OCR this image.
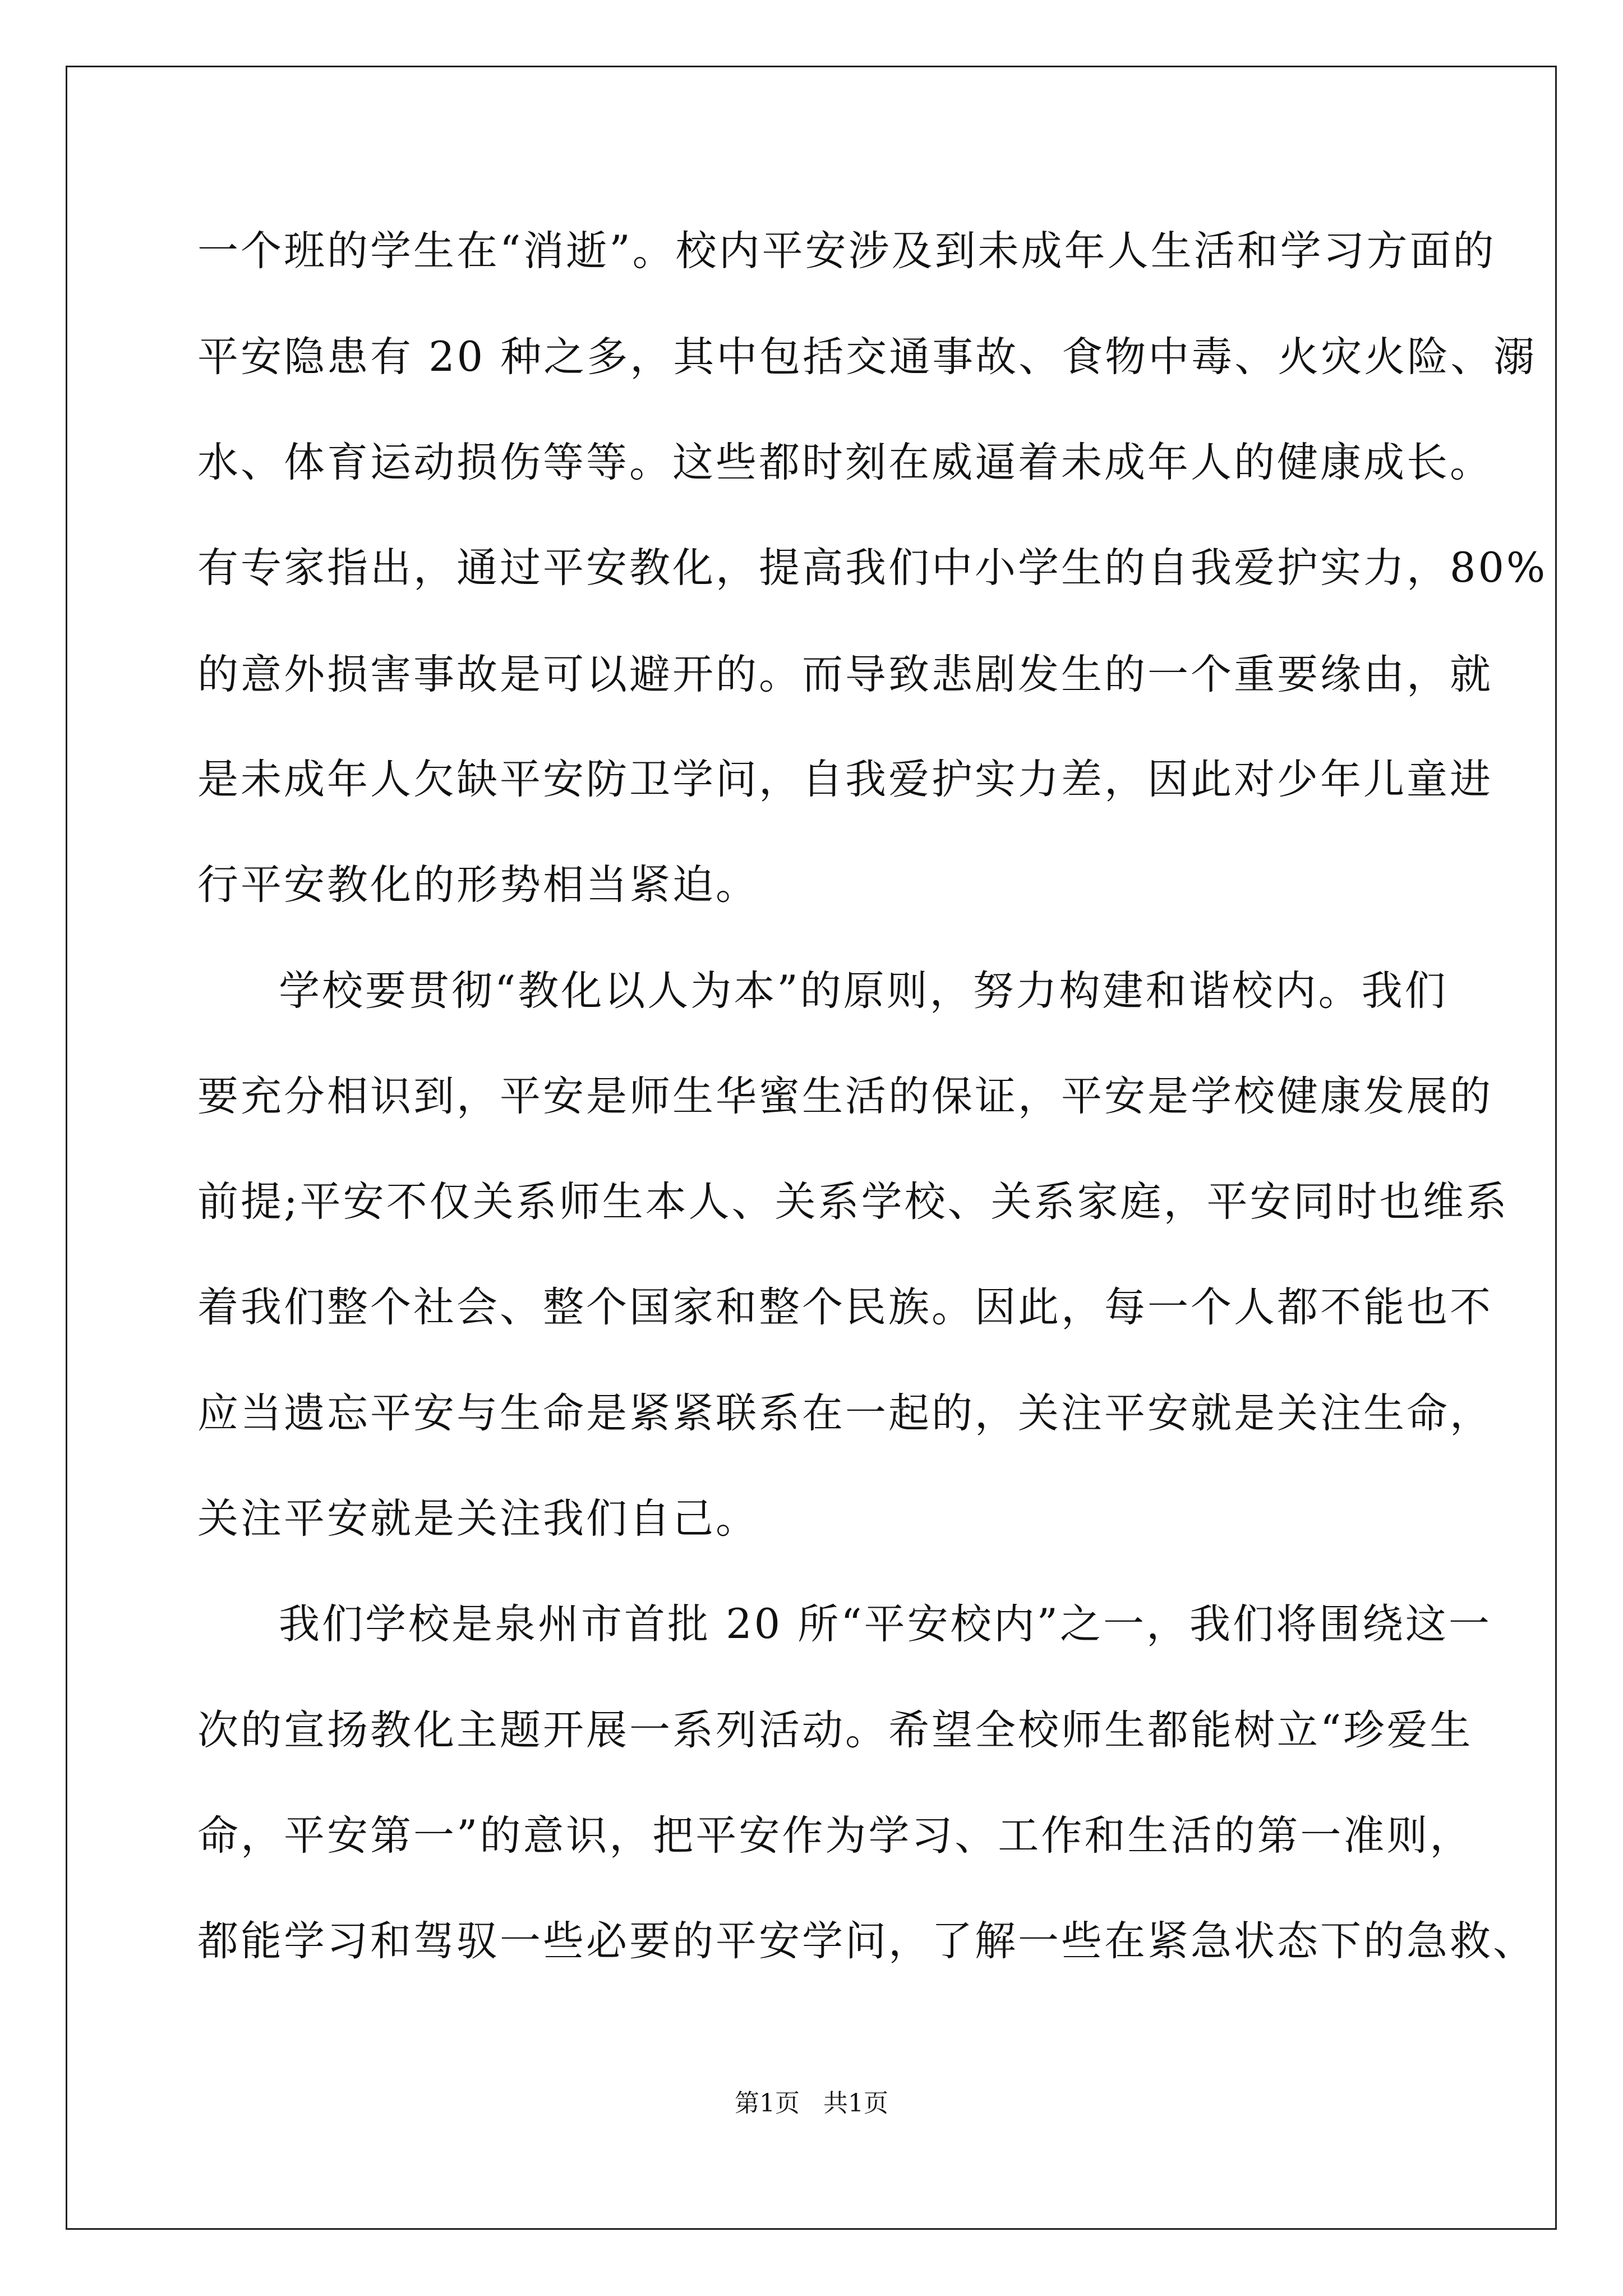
一个班的学生在“消逝”。校内平安涉及到未成年人生活和学习方面的
平安隐患有 20 种之多，其中包括交通事故、食物中毒、火灾火险、溺
水、体育运动损伤等等。这些都时刻在威逼着未成年人的健康成长。
有专家指出，通过平安教化，提高我们中小学生的自我爱护实力，80%
的意外损害事故是可以避开的。而导致悲剧发生的一个重要缘由，就
是未成年人欠缺平安防卫学问，自我爱护实力差，因此对少年儿童进
行平安教化的形势相当紧迫。
学校要贯彻“教化以人为本”的原则，努力构建和谐校内。我们
要充分相识到，平安是师生华蜜生活的保证，平安是学校健康发展的
前提;平安不仅关系师生本人、关系学校、关系家庭，平安同时也维系
着我们整个社会、整个国家和整个民族。因此，每一个人都不能也不
应当遗忘平安与生命是紧紧联系在一起的，关注平安就是关注生命，
关注平安就是关注我们自己。
我们学校是泉州市首批 20 所“平安校内”之一，我们将围绕这一
次的宣扬教化主题开展一系列活动。希望全校师生都能树立“珍爱生
命，平安第一”的意识，把平安作为学习、工作和生活的第一准则，
都能学习和驾驭一些必要的平安学问，了解一些在紧急状态下的急救、
第1页   共1页
